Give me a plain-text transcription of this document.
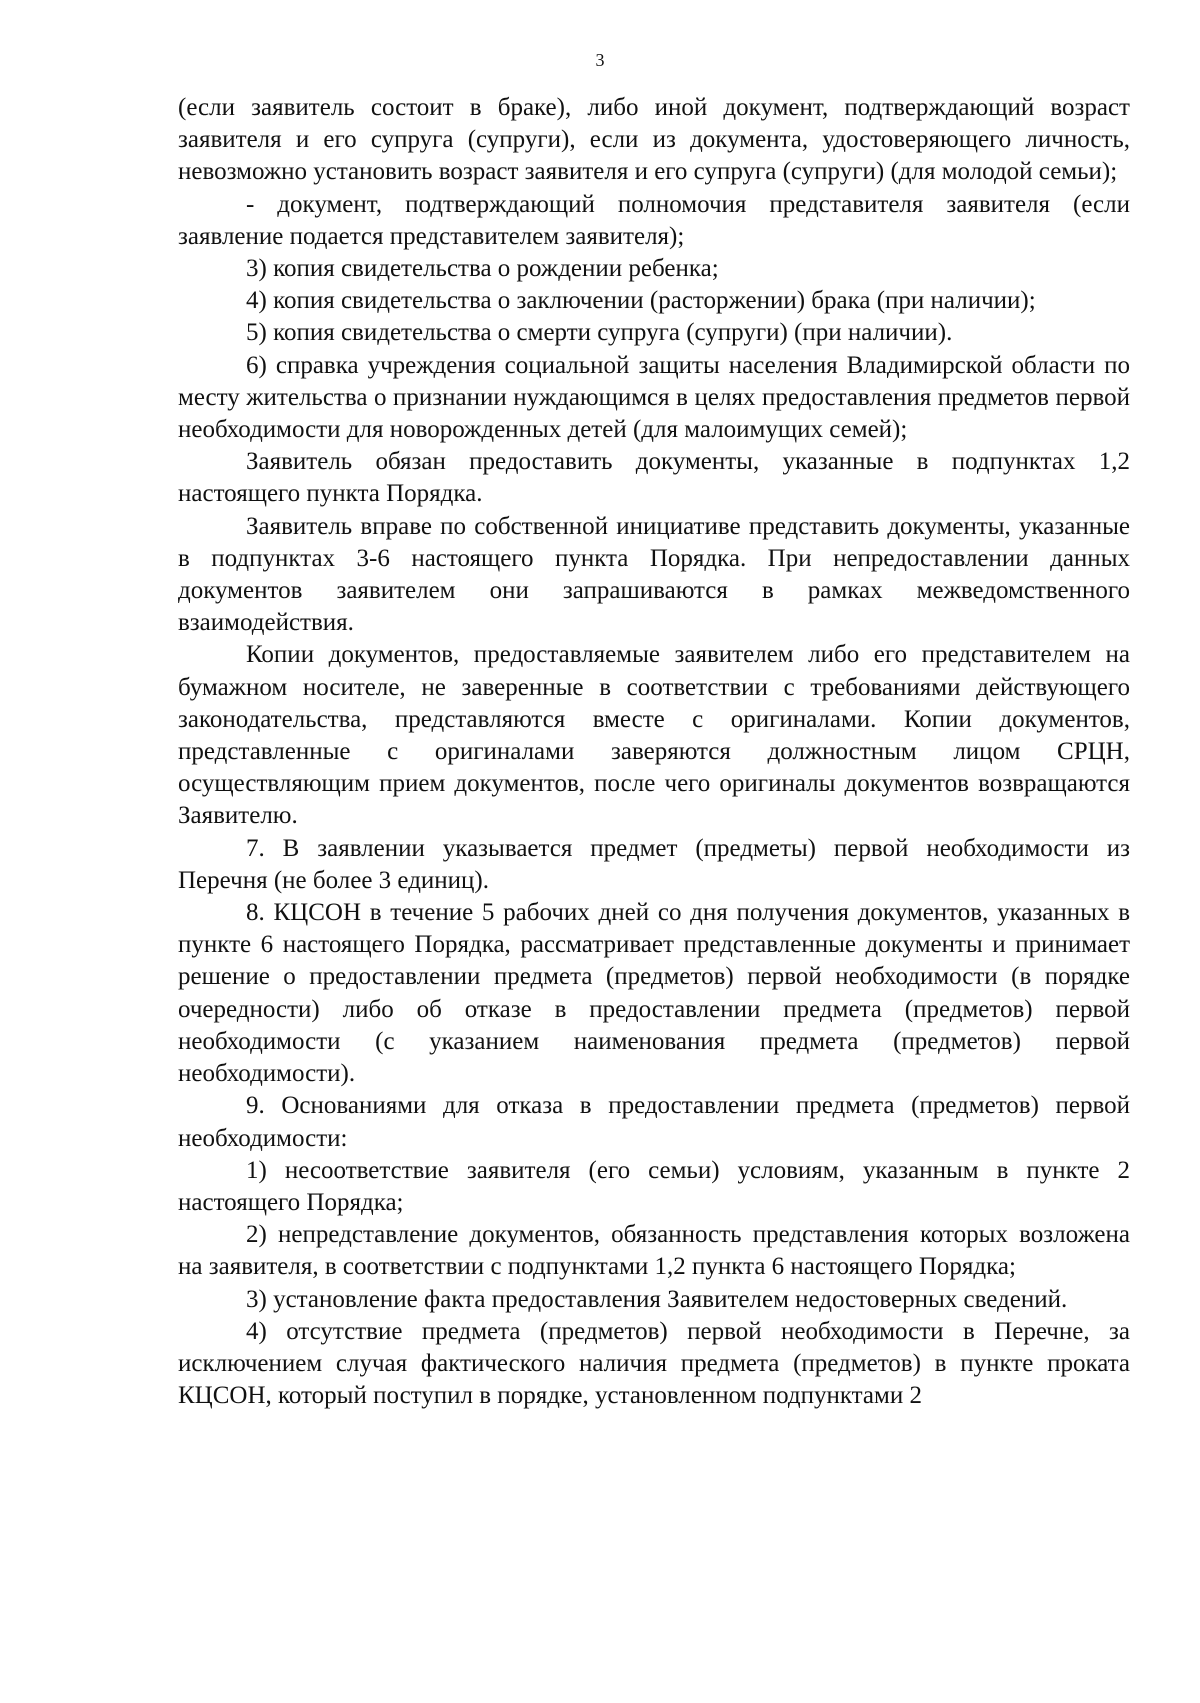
3

(если заявитель состоит в браке), либо иной документ, подтверждающий возраст заявителя и его супруга (супруги), если из документа, удостоверяющего личность, невозможно установить возраст заявителя и его супруга (супруги) (для молодой семьи);

- документ, подтверждающий полномочия представителя заявителя (если заявление подается представителем заявителя);

3) копия свидетельства о рождении ребенка;

4) копия свидетельства о заключении (расторжении) брака (при наличии);

5) копия свидетельства о смерти супруга (супруги) (при наличии).

6) справка учреждения социальной защиты населения Владимирской области по месту жительства о признании нуждающимся в целях предоставления предметов первой необходимости для новорожденных детей (для малоимущих семей);

Заявитель обязан предоставить документы, указанные в подпунктах 1,2 настоящего пункта Порядка.

Заявитель вправе по собственной инициативе представить документы, указанные в подпунктах 3-6 настоящего пункта Порядка. При непредоставлении данных документов заявителем они запрашиваются в рамках межведомственного взаимодействия.

Копии документов, предоставляемые заявителем либо его представителем на бумажном носителе, не заверенные в соответствии с требованиями действующего законодательства, представляются вместе с оригиналами. Копии документов, представленные с оригиналами заверяются должностным лицом СРЦН, осуществляющим прием документов, после чего оригиналы документов возвращаются Заявителю.

7. В заявлении указывается предмет (предметы) первой необходимости из Перечня (не более 3 единиц).

8. КЦСОН в течение 5 рабочих дней со дня получения документов, указанных в пункте 6 настоящего Порядка, рассматривает представленные документы и принимает решение о предоставлении предмета (предметов) первой необходимости (в порядке очередности) либо об отказе в предоставлении предмета (предметов) первой необходимости (с указанием наименования предмета (предметов) первой необходимости).

9. Основаниями для отказа в предоставлении предмета (предметов) первой необходимости:

1) несоответствие заявителя (его семьи) условиям, указанным в пункте 2 настоящего Порядка;

2) непредставление документов, обязанность представления которых возложена на заявителя, в соответствии с подпунктами 1,2 пункта 6 настоящего Порядка;

3) установление факта предоставления Заявителем недостоверных сведений.

4) отсутствие предмета (предметов) первой необходимости в Перечне, за исключением случая фактического наличия предмета (предметов) в пункте проката КЦСОН, который поступил в порядке, установленном подпунктами 2
